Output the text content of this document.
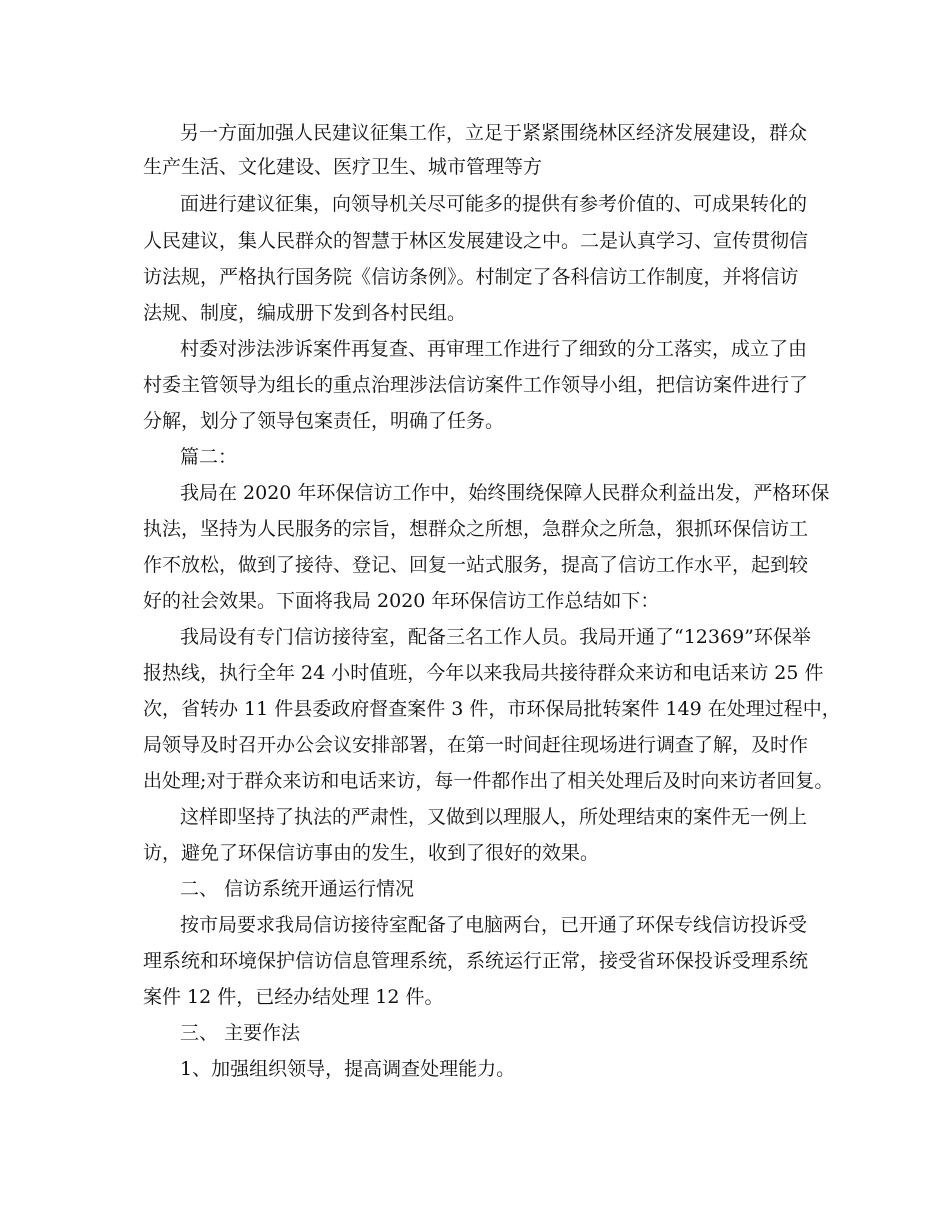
另一方面加强人民建议征集工作，立足于紧紧围绕林区经济发展建设，群众
生产生活、文化建设、医疗卫生、城市管理等方
面进行建议征集，向领导机关尽可能多的提供有参考价值的、可成果转化的
人民建议，集人民群众的智慧于林区发展建设之中。二是认真学习、宣传贯彻信
访法规，严格执行国务院《信访条例》。村制定了各科信访工作制度，并将信访
法规、制度，编成册下发到各村民组。
村委对涉法涉诉案件再复查、再审理工作进行了细致的分工落实，成立了由
村委主管领导为组长的重点治理涉法信访案件工作领导小组，把信访案件进行了
分解，划分了领导包案责任，明确了任务。
篇二：
我局在 2020 年环保信访工作中，始终围绕保障人民群众利益出发，严格环保
执法，坚持为人民服务的宗旨，想群众之所想，急群众之所急，狠抓环保信访工
作不放松，做到了接待、登记、回复一站式服务，提高了信访工作水平，起到较
好的社会效果。下面将我局 2020 年环保信访工作总结如下：
我局设有专门信访接待室，配备三名工作人员。我局开通了“12369”环保举
报热线，执行全年 24 小时值班，今年以来我局共接待群众来访和电话来访 25 件
次，省转办 11 件县委政府督查案件 3 件，市环保局批转案件 149 在处理过程中，
局领导及时召开办公会议安排部署，在第一时间赶往现场进行调查了解，及时作
出处理;对于群众来访和电话来访，每一件都作出了相关处理后及时向来访者回复。
这样即坚持了执法的严肃性，又做到以理服人，所处理结束的案件无一例上
访，避免了环保信访事由的发生，收到了很好的效果。
二、 信访系统开通运行情况
按市局要求我局信访接待室配备了电脑两台，已开通了环保专线信访投诉受
理系统和环境保护信访信息管理系统，系统运行正常，接受省环保投诉受理系统
案件 12 件，已经办结处理 12 件。
三、 主要作法
1、加强组织领导，提高调查处理能力。
